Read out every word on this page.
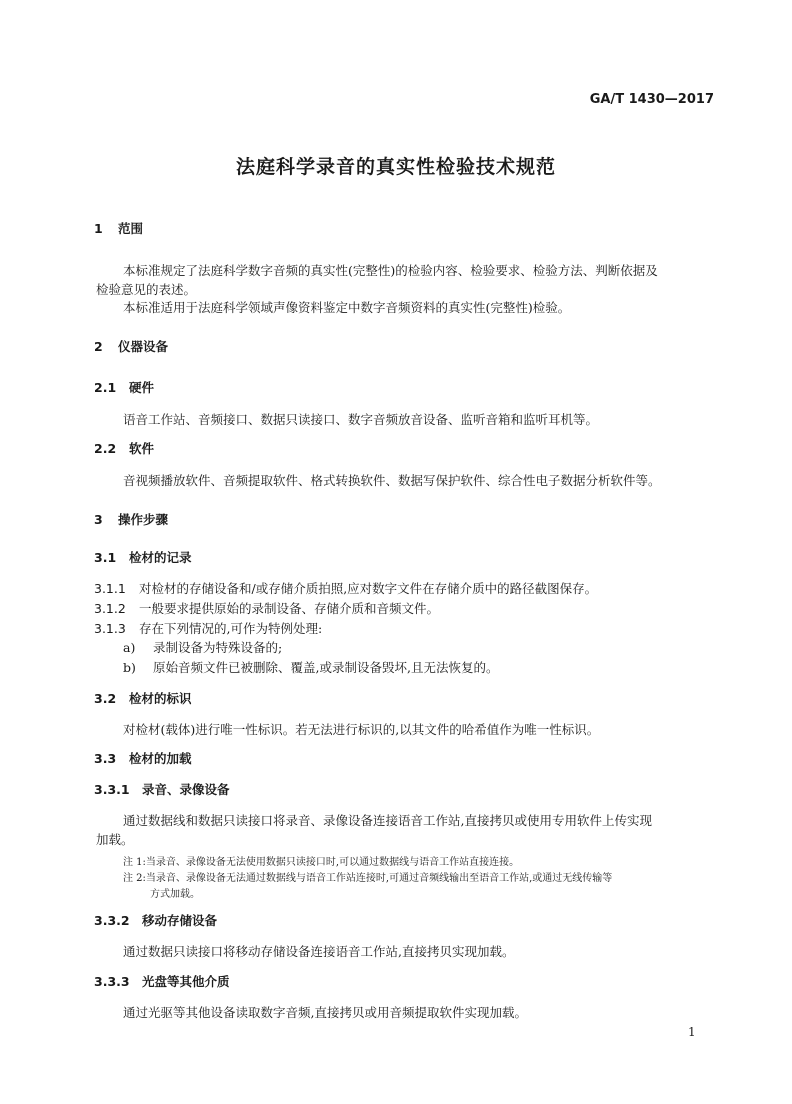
GA/T 1430—2017
法庭科学录音的真实性检验技术规范
1 范围
本标准规定了法庭科学数字音频的真实性(完整性)的检验内容、检验要求、检验方法、判断依据及
检验意见的表述。
本标准适用于法庭科学领域声像资料鉴定中数字音频资料的真实性(完整性)检验。
2 仪器设备
2.1 硬件
语音工作站、音频接口、数据只读接口、数字音频放音设备、监听音箱和监听耳机等。
2.2 软件
音视频播放软件、音频提取软件、格式转换软件、数据写保护软件、综合性电子数据分析软件等。
3 操作步骤
3.1 检材的记录
3.1.1 对检材的存储设备和/或存储介质拍照,应对数字文件在存储介质中的路径截图保存。
3.1.2 一般要求提供原始的录制设备、存储介质和音频文件。
3.1.3 存在下列情况的,可作为特例处理:
a) 录制设备为特殊设备的;
b) 原始音频文件已被删除、覆盖,或录制设备毁坏,且无法恢复的。
3.2 检材的标识
对检材(载体)进行唯一性标识。若无法进行标识的,以其文件的哈希值作为唯一性标识。
3.3 检材的加载
3.3.1 录音、录像设备
通过数据线和数据只读接口将录音、录像设备连接语音工作站,直接拷贝或使用专用软件上传实现
加载。
注 1:当录音、录像设备无法使用数据只读接口时,可以通过数据线与语音工作站直接连接。
注 2:当录音、录像设备无法通过数据线与语音工作站连接时,可通过音频线输出至语音工作站,或通过无线传输等
方式加载。
3.3.2 移动存储设备
通过数据只读接口将移动存储设备连接语音工作站,直接拷贝实现加载。
3.3.3 光盘等其他介质
通过光驱等其他设备读取数字音频,直接拷贝或用音频提取软件实现加载。
1
